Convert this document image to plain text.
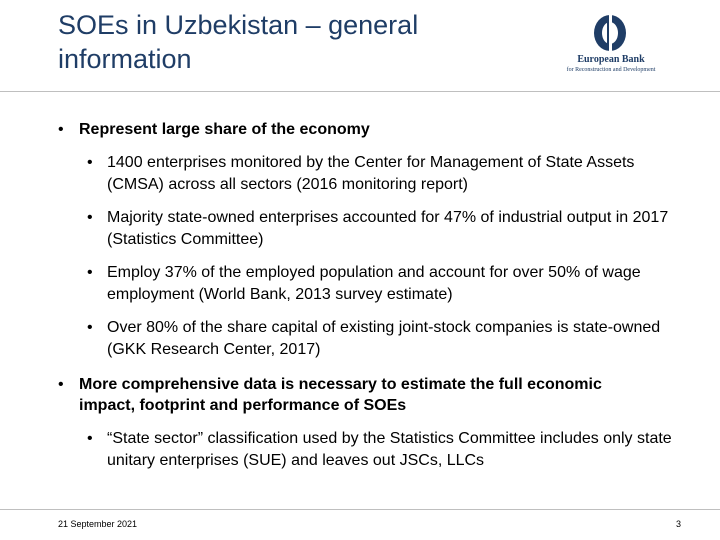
SOEs in Uzbekistan – general information	European Bank
for Reconstruction and Development
• Represent large share of the economy
• 1400 enterprises monitored by the Center for Management of State Assets (CMSA) across all sectors (2016 monitoring report)
• Majority state-owned enterprises accounted for 47% of industrial output in 2017 (Statistics Committee)
• Employ 37% of the employed population and account for over 50% of wage employment (World Bank, 2013 survey estimate)
• Over 80% of the share capital of existing joint-stock companies is state-owned (GKK Research Center, 2017)
• More comprehensive data is necessary to estimate the full economic impact, footprint and performance of SOEs
• “State sector” classification used by the Statistics Committee includes only state unitary enterprises (SUE) and leaves out JSCs, LLCs
21 September 2021	3
